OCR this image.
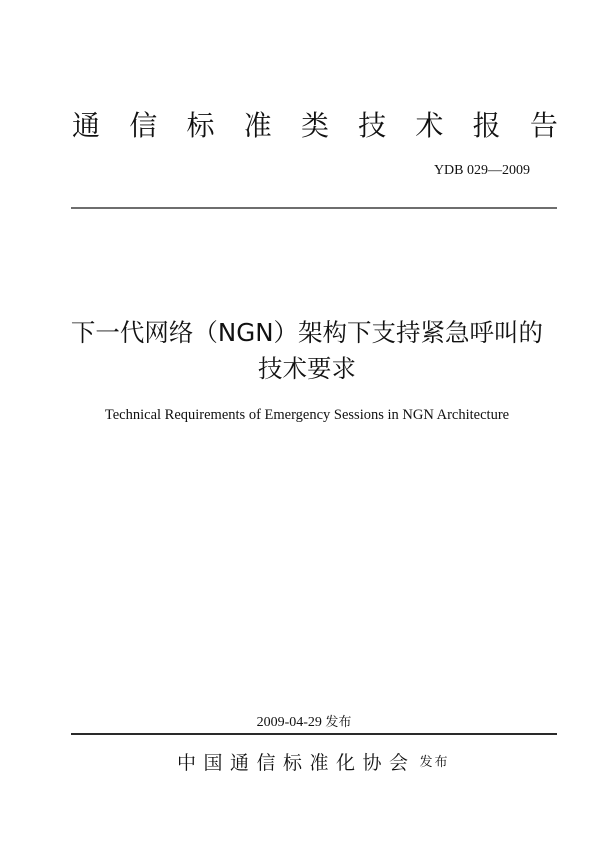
通 信 标 准 类 技 术 报 告
YDB 029—2009
下一代网络（NGN）架构下支持紧急呼叫的
技术要求
Technical Requirements of Emergency Sessions in NGN Architecture
2009-04-29 发布
中国通信标准化协会 发布
